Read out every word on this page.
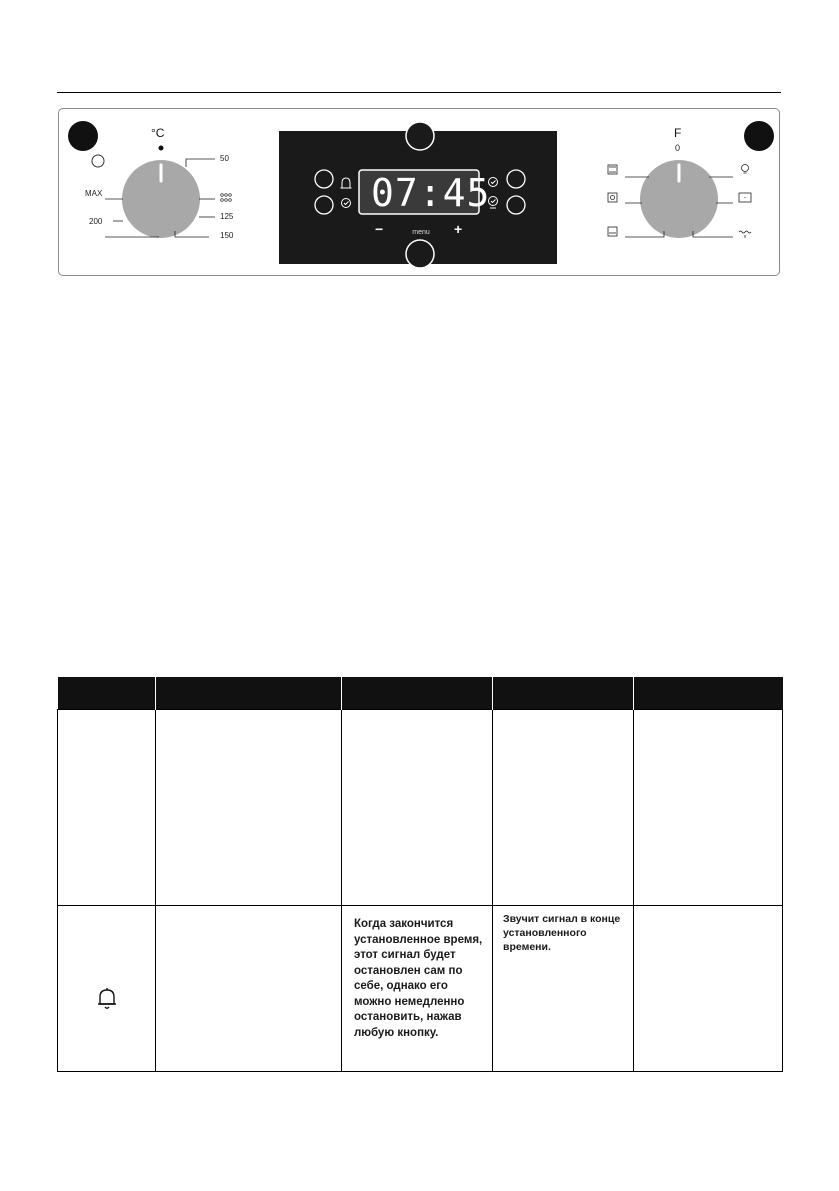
°C
50
MAX
125
200
150
07:45
menu
−	+
F
0

Когда закончится установленное время, этот сигнал будет остановлен сам по себе, однако его можно немедленно остановить, нажав любую кнопку.	Звучит сигнал в конце установленного времени.	
